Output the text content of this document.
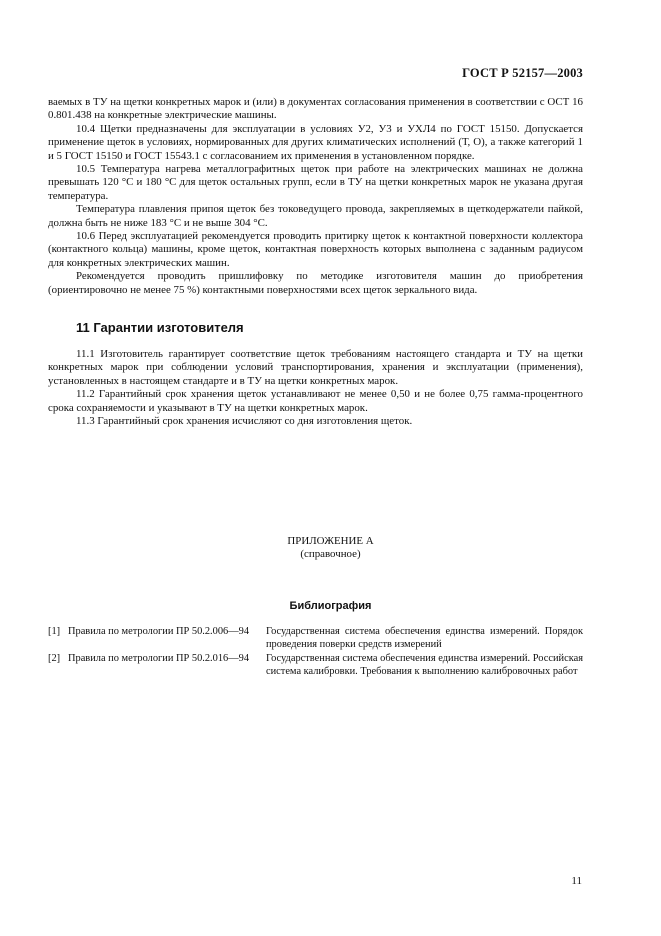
ГОСТ Р 52157—2003

ваемых в ТУ на щетки конкретных марок и (или) в документах согласования применения в соответствии с ОСТ 16 0.801.438 на конкретные электрические машины.

10.4 Щетки предназначены для эксплуатации в условиях У2, У3 и УХЛ4 по ГОСТ 15150. Допускается применение щеток в условиях, нормированных для других климатических исполнений (Т, О), а также категорий 1 и 5 ГОСТ 15150 и ГОСТ 15543.1 с согласованием их применения в установленном порядке.

10.5 Температура нагрева металлографитных щеток при работе на электрических машинах не должна превышать 120 °С и 180 °С для щеток остальных групп, если в ТУ на щетки конкретных марок не указана другая температура.

Температура плавления припоя щеток без токоведущего провода, закрепляемых в щеткодержатели пайкой, должна быть не ниже 183 °С и не выше 304 °С.

10.6 Перед эксплуатацией рекомендуется проводить притирку щеток к контактной поверхности коллектора (контактного кольца) машины, кроме щеток, контактная поверхность которых выполнена с заданным радиусом для конкретных электрических машин.

Рекомендуется проводить пришлифовку по методике изготовителя машин до приобретения (ориентировочно не менее 75 %) контактными поверхностями всех щеток зеркального вида.

11 Гарантии изготовителя

11.1 Изготовитель гарантирует соответствие щеток требованиям настоящего стандарта и ТУ на щетки конкретных марок при соблюдении условий транспортирования, хранения и эксплуатации (применения), установленных в настоящем стандарте и в ТУ на щетки конкретных марок.

11.2 Гарантийный срок хранения щеток устанавливают не менее 0,50 и не более 0,75 гамма-процентного срока сохраняемости и указывают в ТУ на щетки конкретных марок.

11.3 Гарантийный срок хранения исчисляют со дня изготовления щеток.

ПРИЛОЖЕНИЕ А
(справочное)
Библиография
[1] Правила по метрологии ПР 50.2.006—94	Государственная система обеспечения единства измерений. Порядок проведения поверки средств измерений
[2] Правила по метрологии ПР 50.2.016—94	Государственная система обеспечения единства измерений. Российская система калибровки. Требования к выполнению калибровочных работ
11
